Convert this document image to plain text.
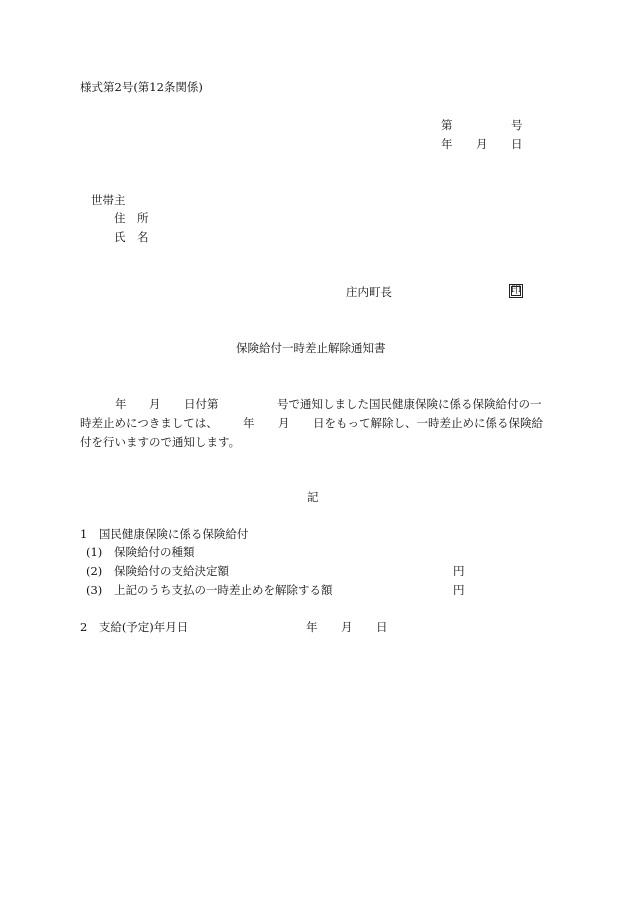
様式第2号(第12条関係)
第	号
年 月 日
世帯主
住　所
氏　名
庄内町長	印
保険給付一時差止解除通知書
年 月 日付第	号で通知しました国民健康保険に係る保険給付の一
時差止めにつきましては、 年 月 日をもって解除し、一時差止めに係る保険給
付を行いますので通知します。
記
1　国民健康保険に係る保険給付
(1) 保険給付の種類
(2) 保険給付の支給決定額	円
(3) 上記のうち支払の一時差止めを解除する額	円
2　支給(予定)年月日	年 月 日
